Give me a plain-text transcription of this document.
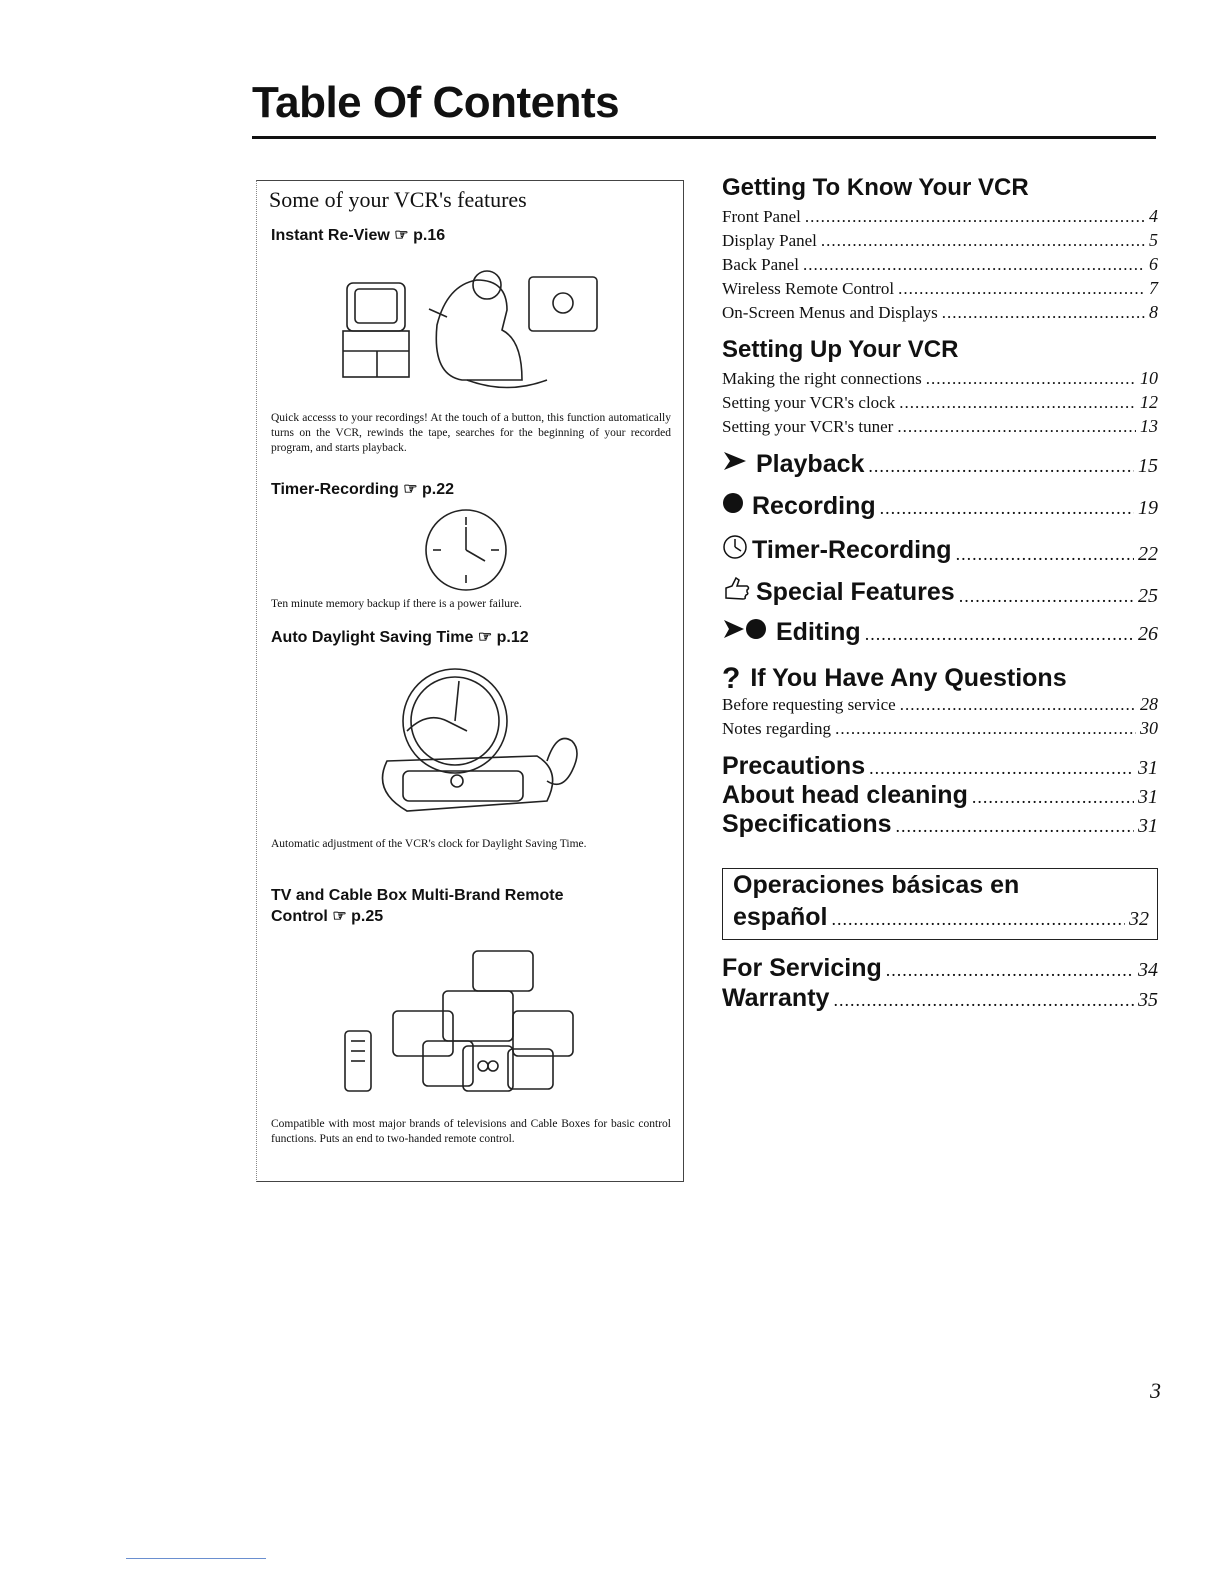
Table Of Contents
Some of your VCR's features
Instant Re-View ☞ p.16
Quick accesss to your recordings! At the touch of a button, this function automatically turns on the VCR, rewinds the tape, searches for the beginning of your recorded program, and starts playback.
Timer-Recording ☞ p.22
Ten minute memory backup if there is a power failure.
Auto Daylight Saving Time ☞ p.12
Automatic adjustment of the VCR's clock for Daylight Saving Time.
TV and Cable Box Multi-Brand Remote
Control ☞ p.25
Compatible with most major brands of televisions and Cable Boxes for basic control functions. Puts an end to two-handed remote control.
Getting To Know Your VCR
Front Panel .....	4
Display Panel .....	5
Back Panel .....	6
Wireless Remote Control .....	7
On-Screen Menus and Displays .....	8
Setting Up Your VCR
Making the right connections .....	10
Setting your VCR's clock .....	12
Setting your VCR's tuner .....	13
Playback .....	15
Recording .....	19
Timer-Recording .....	22
Special Features .....	25
Editing .....	26
? If You Have Any Questions
Before requesting service .....	28
Notes regarding .....	30
Precautions .....	31
About head cleaning .....	31
Specifications .....	31
Operaciones básicas en
español .....	32
For Servicing .....	34
Warranty .....	35
3
